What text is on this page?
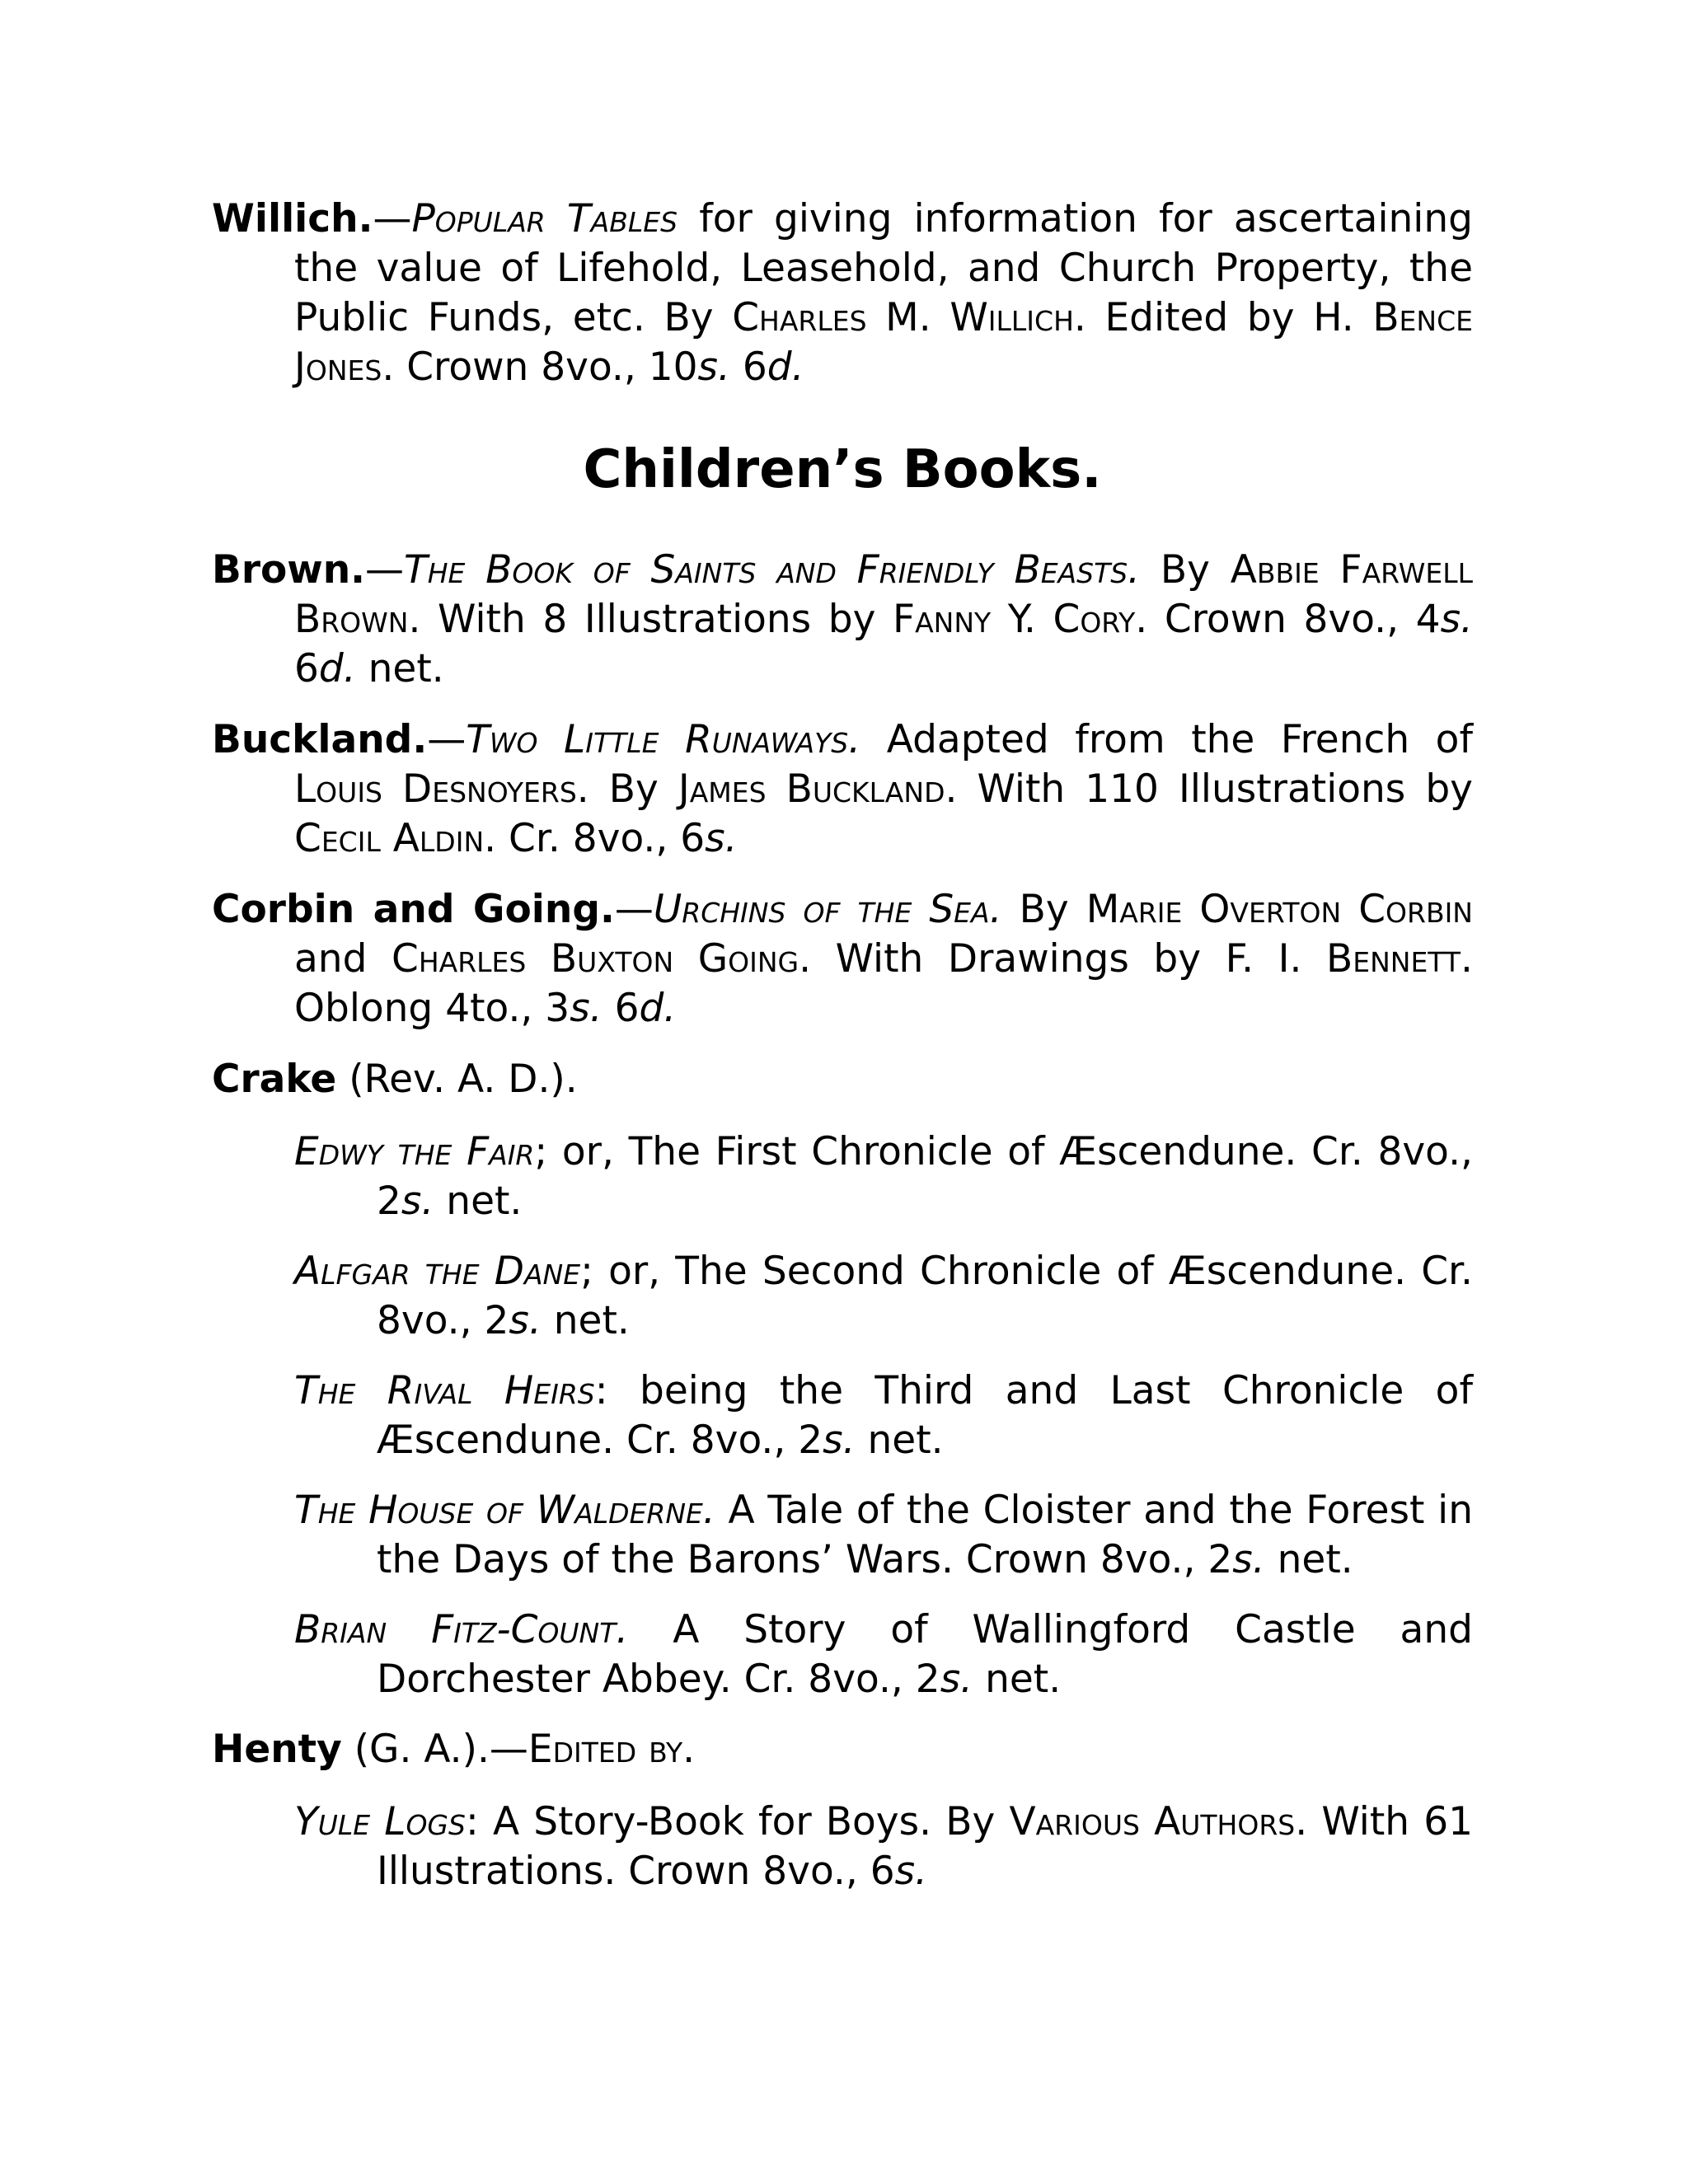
Willich.—Popular Tables for giving information for ascertaining the value of Lifehold, Leasehold, and Church Property, the Public Funds, etc. By Charles M. Willich. Edited by H. Bence Jones. Crown 8vo., 10s. 6d.

Children’s Books.

Brown.—The Book of Saints and Friendly Beasts. By Abbie Farwell Brown. With 8 Illustrations by Fanny Y. Cory. Crown 8vo., 4s. 6d. net.

Buckland.—Two Little Runaways. Adapted from the French of Louis Desnoyers. By James Buckland. With 110 Illustrations by Cecil Aldin. Cr. 8vo., 6s.

Corbin and Going.—Urchins of the Sea. By Marie Overton Corbin and Charles Buxton Going. With Drawings by F. I. Bennett. Oblong 4to., 3s. 6d.

Crake (Rev. A. D.).

Edwy the Fair; or, The First Chronicle of Æscendune. Cr. 8vo., 2s. net.

Alfgar the Dane; or, The Second Chronicle of Æscendune. Cr. 8vo., 2s. net.

The Rival Heirs: being the Third and Last Chronicle of Æscendune. Cr. 8vo., 2s. net.

The House of Walderne. A Tale of the Cloister and the Forest in the Days of the Barons’ Wars. Crown 8vo., 2s. net.

Brian Fitz-Count. A Story of Wallingford Castle and Dorchester Abbey. Cr. 8vo., 2s. net.

Henty (G. A.).—Edited by.

Yule Logs: A Story-Book for Boys. By Various Authors. With 61 Illustrations. Crown 8vo., 6s.
